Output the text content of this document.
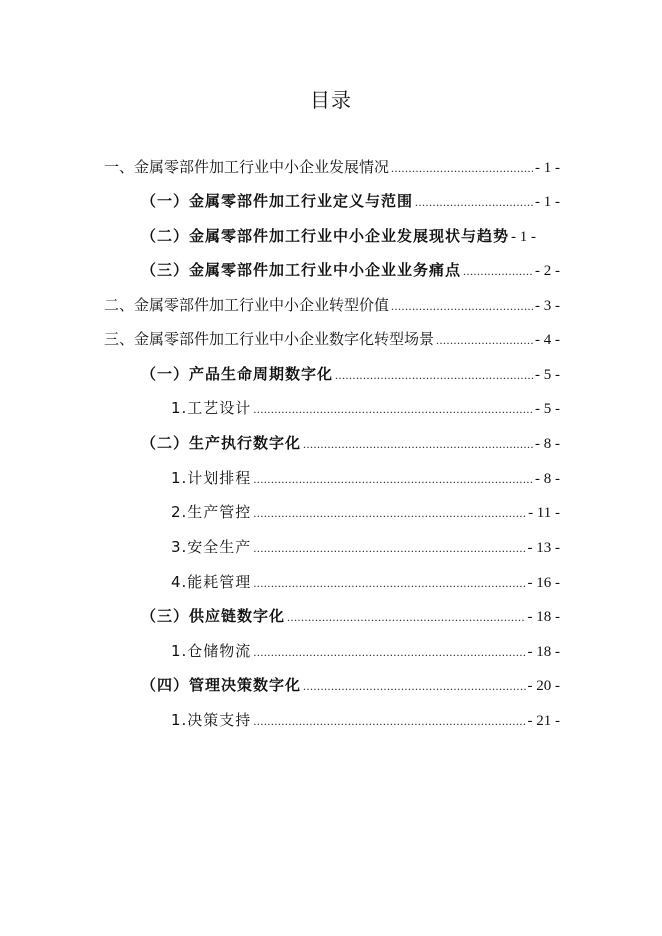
目录
一、金属零部件加工行业中小企业发展情况 .....	- 1 -
（一）金属零部件加工行业定义与范围 .....	- 1 -
（二）金属零部件加工行业中小企业发展现状与趋势 - 1 -
（三）金属零部件加工行业中小企业业务痛点 .....	- 2 -
二、金属零部件加工行业中小企业转型价值 .....	- 3 -
三、金属零部件加工行业中小企业数字化转型场景 .....	- 4 -
（一）产品生命周期数字化 .....	- 5 -
1.工艺设计 .....	- 5 -
（二）生产执行数字化 .....	- 8 -
1.计划排程 .....	- 8 -
2.生产管控 .....	- 11 -
3.安全生产 .....	- 13 -
4.能耗管理 .....	- 16 -
（三）供应链数字化 .....	- 18 -
1.仓储物流 .....	- 18 -
（四）管理决策数字化 .....	- 20 -
1.决策支持 .....	- 21 -
